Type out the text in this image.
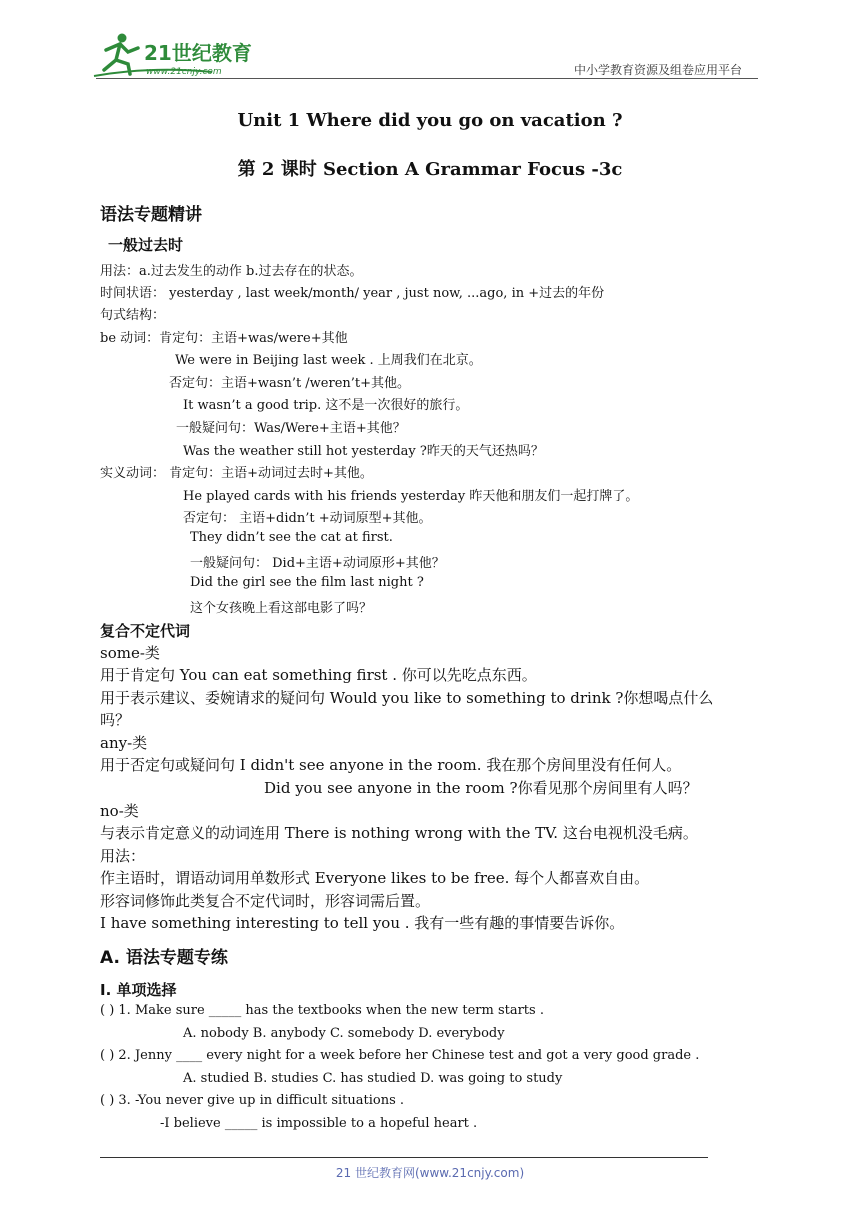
21世纪教育
www.21cnjy.com	中小学教育资源及组卷应用平台
Unit 1 Where did you go on vacation ?
第 2 课时 Section A Grammar Focus -3c
语法专题精讲
一般过去时
用法：a.过去发生的动作 b.过去存在的状态。
时间状语： yesterday , last week/month/ year , just now, ...ago, in +过去的年份
句式结构：
be 动词：肯定句：主语+was/were+其他
We were in Beijing last week . 上周我们在北京。
否定句：主语+wasn’t /weren’t+其他。
It wasn’t a good trip. 这不是一次很好的旅行。
一般疑问句：Was/Were+主语+其他？
Was the weather still hot yesterday ?昨天的天气还热吗？
实义动词： 肯定句：主语+动词过去时+其他。
He played cards with his friends yesterday 昨天他和朋友们一起打牌了。
否定句： 主语+didn’t +动词原型+其他。
They didn’t see the cat at first.
一般疑问句： Did+主语+动词原形+其他？
Did the girl see the film last night ?
这个女孩晚上看这部电影了吗？
复合不定代词
some-类
用于肯定句 You can eat something first . 你可以先吃点东西。
用于表示建议、委婉请求的疑问句 Would you like to something to drink ?你想喝点什么
吗？
any-类
用于否定句或疑问句 I didn't see anyone in the room. 我在那个房间里没有任何人。
Did you see anyone in the room ?你看见那个房间里有人吗？
no-类
与表示肯定意义的动词连用 There is nothing wrong with the TV. 这台电视机没毛病。
用法：
作主语时，谓语动词用单数形式 Everyone likes to be free. 每个人都喜欢自由。
形容词修饰此类复合不定代词时，形容词需后置。
I have something interesting to tell you . 我有一些有趣的事情要告诉你。
A. 语法专题专练
I. 单项选择
( ) 1. Make sure _____ has the textbooks when the new term starts .
A. nobody B. anybody C. somebody D. everybody
( ) 2. Jenny ____ every night for a week before her Chinese test and got a very good grade .
A. studied B. studies C. has studied D. was going to study
( ) 3. -You never give up in difficult situations .
-I believe _____ is impossible to a hopeful heart .
21 世纪教育网(www.21cnjy.com)
